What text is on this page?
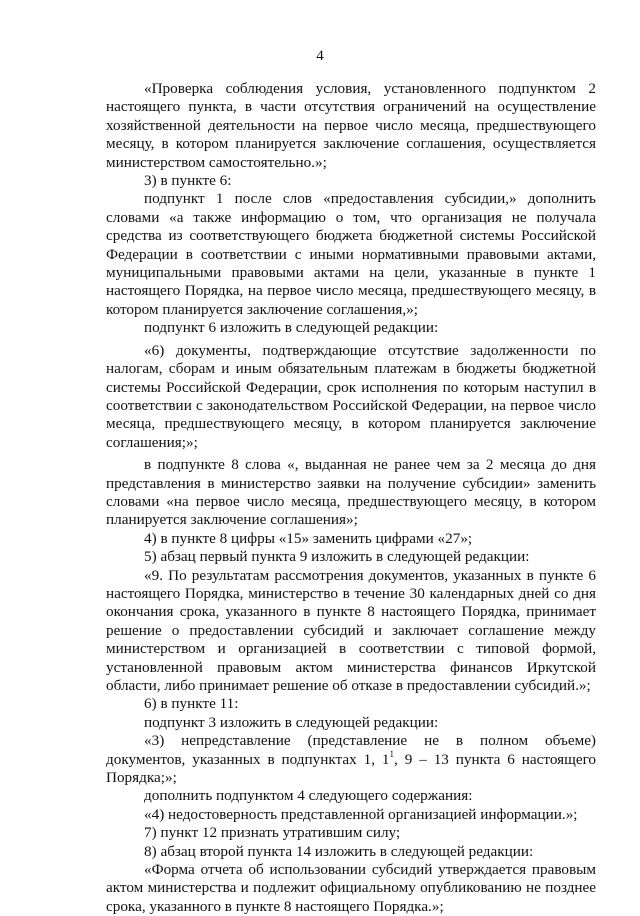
4

«Проверка соблюдения условия, установленного подпунктом 2 настоящего пункта, в части отсутствия ограничений на осуществление хозяйственной деятельности на первое число месяца, предшествующего месяцу, в котором планируется заключение соглашения, осуществляется министерством самостоятельно.»;

3) в пункте 6:

подпункт 1 после слов «предоставления субсидии,» дополнить словами «а также информацию о том, что организация не получала средства из соответствующего бюджета бюджетной системы Российской Федерации в соответствии с иными нормативными правовыми актами, муниципальными правовыми актами на цели, указанные в пункте 1 настоящего Порядка, на первое число месяца, предшествующего месяцу, в котором планируется заключение соглашения,»;

подпункт 6 изложить в следующей редакции:

«6) документы, подтверждающие отсутствие задолженности по налогам, сборам и иным обязательным платежам в бюджеты бюджетной системы Российской Федерации, срок исполнения по которым наступил в соответствии с законодательством Российской Федерации, на первое число месяца, предшествующего месяцу, в котором планируется заключение соглашения;»;

в подпункте 8 слова «, выданная не ранее чем за 2 месяца до дня представления в министерство заявки на получение субсидии» заменить словами «на первое число месяца, предшествующего месяцу, в котором планируется заключение соглашения»;

4) в пункте 8 цифры «15» заменить цифрами «27»;

5) абзац первый пункта 9 изложить в следующей редакции:

«9. По результатам рассмотрения документов, указанных в пункте 6 настоящего Порядка, министерство в течение 30 календарных дней со дня окончания срока, указанного в пункте 8 настоящего Порядка, принимает решение о предоставлении субсидий и заключает соглашение между министерством и организацией в соответствии с типовой формой, установленной правовым актом министерства финансов Иркутской области, либо принимает решение об отказе в предоставлении субсидий.»;

6) в пункте 11:

подпункт 3 изложить в следующей редакции:

«3) непредставление (представление не в полном объеме) документов, указанных в подпунктах 1, $1^1$, 9 – 13 пункта 6 настоящего Порядка;»;

дополнить подпунктом 4 следующего содержания:

«4) недостоверность представленной организацией информации.»;

7) пункт 12 признать утратившим силу;

8) абзац второй пункта 14 изложить в следующей редакции:

«Форма отчета об использовании субсидий утверждается правовым актом министерства и подлежит официальному опубликованию не позднее срока, указанного в пункте 8 настоящего Порядка.»;
